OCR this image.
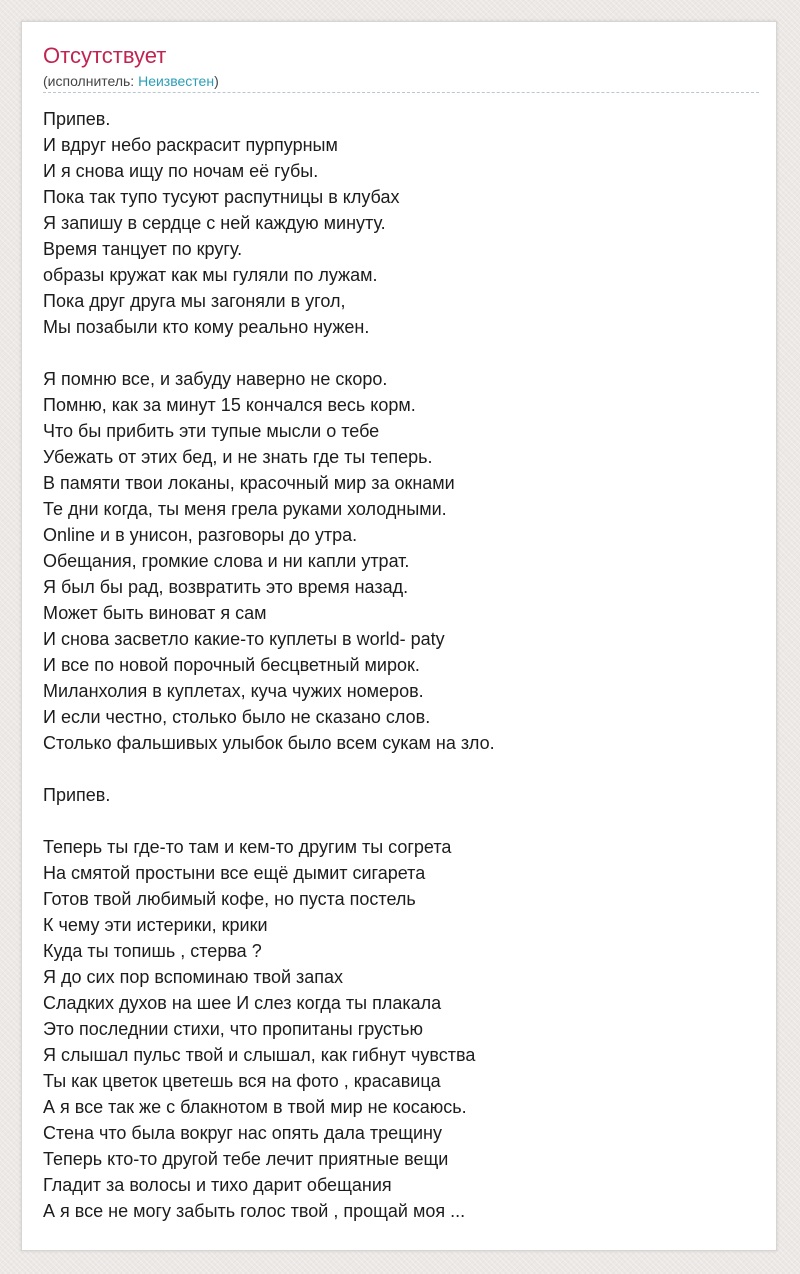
Отсутствует
(исполнитель: Неизвестен)
Припев.
И вдруг небо раскрасит пурпурным
И я снова ищу по ночам её губы.
Пока так тупо тусуют распутницы в клубах
Я запишу в сердце с ней каждую минуту.
Время танцует по кругу.
образы кружат как мы гуляли по лужам.
Пока друг друга мы загоняли в угол,
Мы позабыли кто кому реально нужен.
Я помню все, и забуду наверно не скоро.
Помню, как за минут 15 кончался весь корм.
Что бы прибить эти тупые мысли о тебе
Убежать от этих бед, и не знать где ты теперь.
В памяти твои локаны, красочный мир за окнами
Те дни когда, ты меня грела руками холодными.
Online и в унисон, разговоры до утра.
Обещания, громкие слова и ни капли утрат.
Я был бы рад, возвратить это время назад.
Может быть виноват я сам
И снова засветло какие-то куплеты в world- paty
И все по новой порочный бесцветный мирок.
Миланхолия в куплетах, куча чужих номеров.
И если честно, столько было не сказано слов.
Столько фальшивых улыбок было всем сукам на зло.
Припев.
Теперь ты где-то там и кем-то другим ты согрета
На смятой простыни все ещё дымит сигарета
Готов твой любимый кофе, но пуста постель
К чему эти истерики, крики
Куда ты топишь , стерва ?
Я до сих пор вспоминаю твой запах
Сладких духов на шее И слез когда ты плакала
Это последнии стихи, что пропитаны грустью
Я слышал пульс твой и слышал, как гибнут чувства
Ты как цветок цветешь вся на фото , красавица
А я все так же с блакнотом в твой мир не косаюсь.
Стена что была вокруг нас опять дала трещину
Теперь кто-то другой тебе лечит приятные вещи
Гладит за волосы и тихо дарит обещания
А я все не могу забыть голос твой , прощай моя ...
